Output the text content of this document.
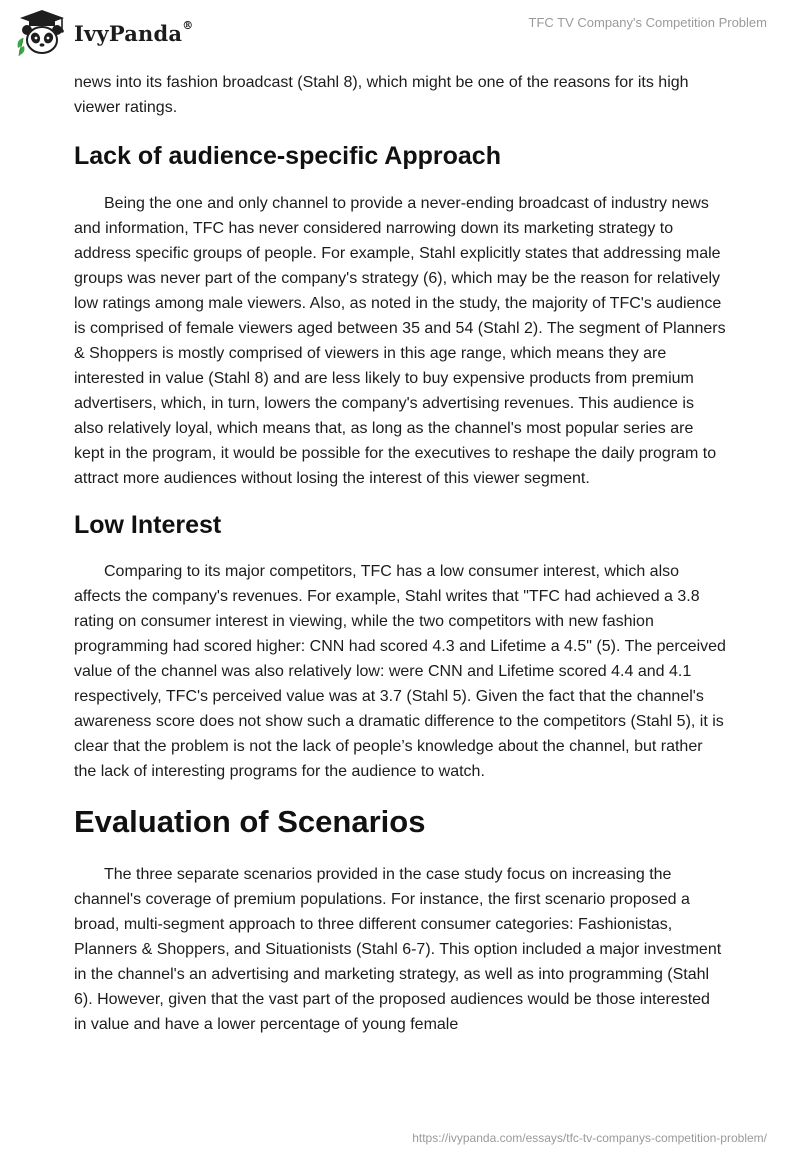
IvyPanda®	TFC TV Company's Competition Problem

news into its fashion broadcast (Stahl 8), which might be one of the reasons for its high viewer ratings.

Lack of audience-specific Approach

Being the one and only channel to provide a never-ending broadcast of industry news and information, TFC has never considered narrowing down its marketing strategy to address specific groups of people. For example, Stahl explicitly states that addressing male groups was never part of the company's strategy (6), which may be the reason for relatively low ratings among male viewers. Also, as noted in the study, the majority of TFC's audience is comprised of female viewers aged between 35 and 54 (Stahl 2). The segment of Planners & Shoppers is mostly comprised of viewers in this age range, which means they are interested in value (Stahl 8) and are less likely to buy expensive products from premium advertisers, which, in turn, lowers the company's advertising revenues. This audience is also relatively loyal, which means that, as long as the channel's most popular series are kept in the program, it would be possible for the executives to reshape the daily program to attract more audiences without losing the interest of this viewer segment.

Low Interest

Comparing to its major competitors, TFC has a low consumer interest, which also affects the company's revenues. For example, Stahl writes that "TFC had achieved a 3.8 rating on consumer interest in viewing, while the two competitors with new fashion programming had scored higher: CNN had scored 4.3 and Lifetime a 4.5" (5). The perceived value of the channel was also relatively low: were CNN and Lifetime scored 4.4 and 4.1 respectively, TFC's perceived value was at 3.7 (Stahl 5). Given the fact that the channel's awareness score does not show such a dramatic difference to the competitors (Stahl 5), it is clear that the problem is not the lack of people’s knowledge about the channel, but rather the lack of interesting programs for the audience to watch.

Evaluation of Scenarios

The three separate scenarios provided in the case study focus on increasing the channel's coverage of premium populations. For instance, the first scenario proposed a broad, multi-segment approach to three different consumer categories: Fashionistas, Planners & Shoppers, and Situationists (Stahl 6-7). This option included a major investment in the channel's an advertising and marketing strategy, as well as into programming (Stahl 6). However, given that the vast part of the proposed audiences would be those interested in value and have a lower percentage of young female

https://ivypanda.com/essays/tfc-tv-companys-competition-problem/
